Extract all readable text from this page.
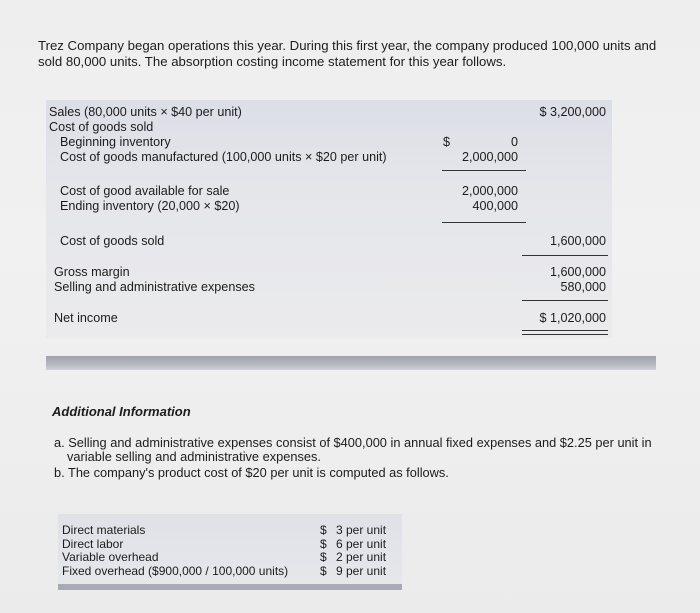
Trez Company began operations this year. During this first year, the company produced 100,000 units and
sold 80,000 units. The absorption costing income statement for this year follows.
Sales (80,000 units × $40 per unit)	$ 3,200,000
Cost of goods sold
Beginning inventory	$	0
Cost of goods manufactured (100,000 units × $20 per unit)	2,000,000
Cost of good available for sale	2,000,000
Ending inventory (20,000 × $20)	400,000
Cost of goods sold	1,600,000
Gross margin	1,600,000
Selling and administrative expenses	580,000
Net income	$ 1,020,000
Additional Information
a. Selling and administrative expenses consist of $400,000 in annual fixed expenses and $2.25 per unit in
variable selling and administrative expenses.
b. The company's product cost of $20 per unit is computed as follows.
Direct materials	$ 3 per unit
Direct labor	$ 6 per unit
Variable overhead	$ 2 per unit
Fixed overhead ($900,000 / 100,000 units)	$ 9 per unit
